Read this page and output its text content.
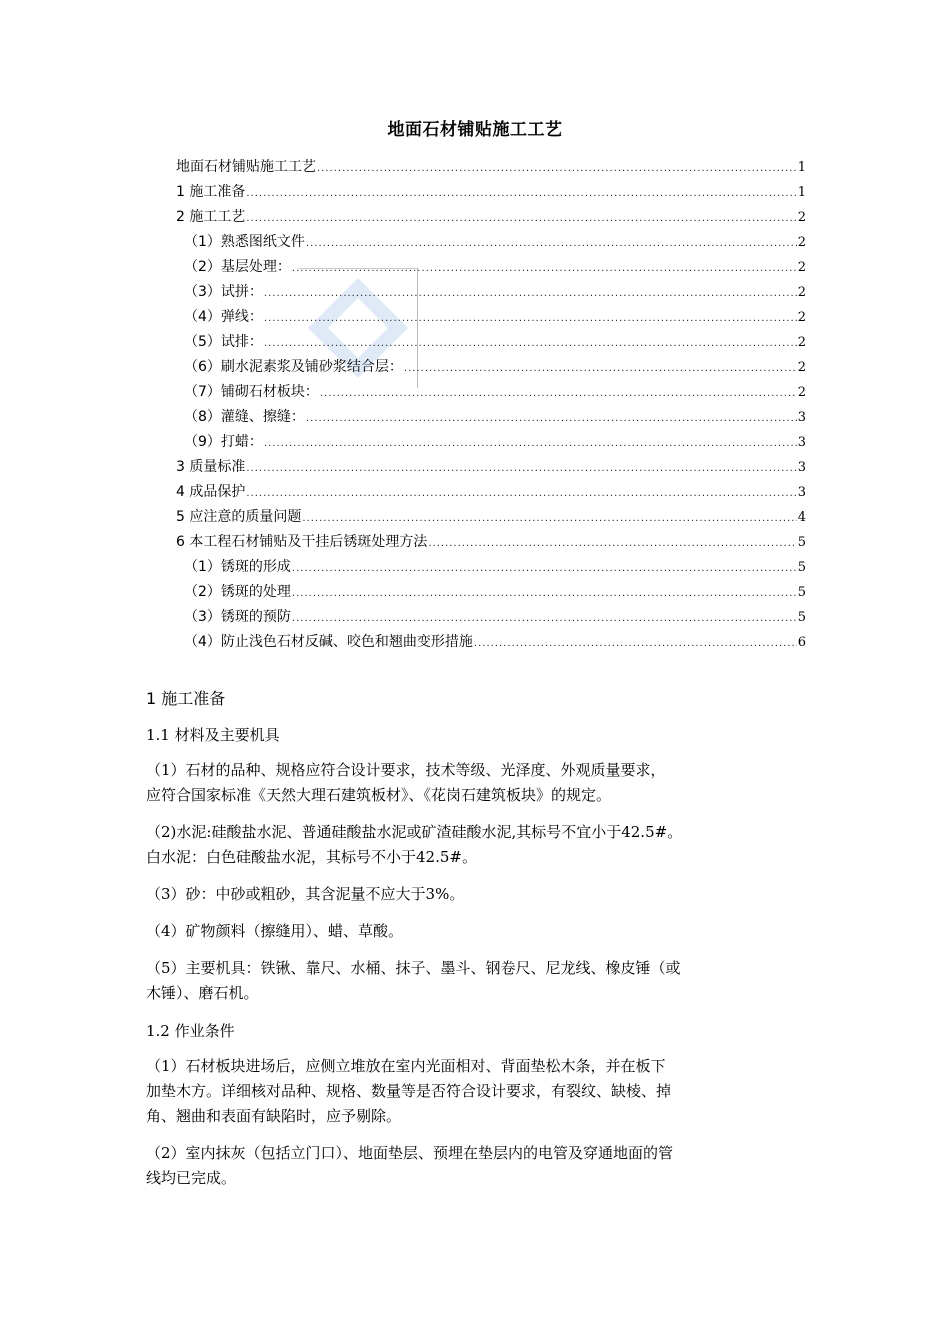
地面石材铺贴施工工艺
地面石材铺贴施工工艺 .....	1
1 施工准备 .....	1
2 施工工艺 .....	2
（1）熟悉图纸文件 .....	2
（2）基层处理： .....	2
（3）试拼： .....	2
（4）弹线： .....	2
（5）试排： .....	2
（6）刷水泥素浆及铺砂浆结合层： .....	2
（7）铺砌石材板块： .....	2
（8）灌缝、擦缝： .....	3
（9）打蜡： .....	3
3 质量标准 .....	3
4 成品保护 .....	3
5 应注意的质量问题 .....	4
6 本工程石材铺贴及干挂后锈斑处理方法 .....	5
（1）锈斑的形成 .....	5
（2）锈斑的处理 .....	5
（3）锈斑的预防 .....	5
（4）防止浅色石材反碱、咬色和翘曲变形措施 .....	6
1 施工准备
1.1 材料及主要机具
（1）石材的品种、规格应符合设计要求，技术等级、光泽度、外观质量要求，
应符合国家标准《天然大理石建筑板材》、《花岗石建筑板块》的规定。
（2)水泥:硅酸盐水泥、普通硅酸盐水泥或矿渣硅酸水泥,其标号不宜小于42.5#。
白水泥：白色硅酸盐水泥，其标号不小于42.5#。
（3）砂：中砂或粗砂，其含泥量不应大于3%。
（4）矿物颜料（擦缝用）、蜡、草酸。
（5）主要机具：铁锹、靠尺、水桶、抹子、墨斗、钢卷尺、尼龙线、橡皮锤（或
木锤）、磨石机。
1.2 作业条件
（1）石材板块进场后，应侧立堆放在室内光面相对、背面垫松木条，并在板下
加垫木方。详细核对品种、规格、数量等是否符合设计要求，有裂纹、缺棱、掉
角、翘曲和表面有缺陷时，应予剔除。
（2）室内抹灰（包括立门口）、地面垫层、预埋在垫层内的电管及穿通地面的管
线均已完成。
